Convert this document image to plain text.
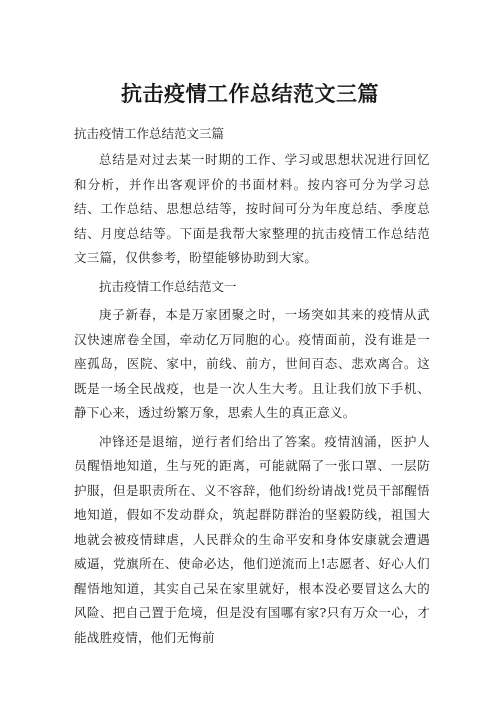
抗击疫情工作总结范文三篇
抗击疫情工作总结范文三篇

总结是对过去某一时期的工作、学习或思想状况进行回忆和分析，并作出客观评价的书面材料。按内容可分为学习总结、工作总结、思想总结等，按时间可分为年度总结、季度总结、月度总结等。下面是我帮大家整理的抗击疫情工作总结范文三篇，仅供参考，盼望能够协助到大家。

抗击疫情工作总结范文一

庚子新春，本是万家团聚之时，一场突如其来的疫情从武汉快速席卷全国，牵动亿万同胞的心。疫情面前，没有谁是一座孤岛，医院、家中，前线、前方，世间百态、悲欢离合。这既是一场全民战疫，也是一次人生大考。且让我们放下手机、静下心来，透过纷繁万象，思索人生的真正意义。

冲锋还是退缩，逆行者们给出了答案。疫情汹涌，医护人员醒悟地知道，生与死的距离，可能就隔了一张口罩、一层防护服，但是职责所在、义不容辞，他们纷纷请战!党员干部醒悟地知道，假如不发动群众，筑起群防群治的坚毅防线，祖国大地就会被疫情肆虐，人民群众的生命平安和身体安康就会遭遇威逼，党旗所在、使命必达，他们逆流而上!志愿者、好心人们醒悟地知道，其实自己呆在家里就好，根本没必要冒这么大的风险、把自己置于危境，但是没有国哪有家?只有万众一心，才能战胜疫情，他们无悔前
